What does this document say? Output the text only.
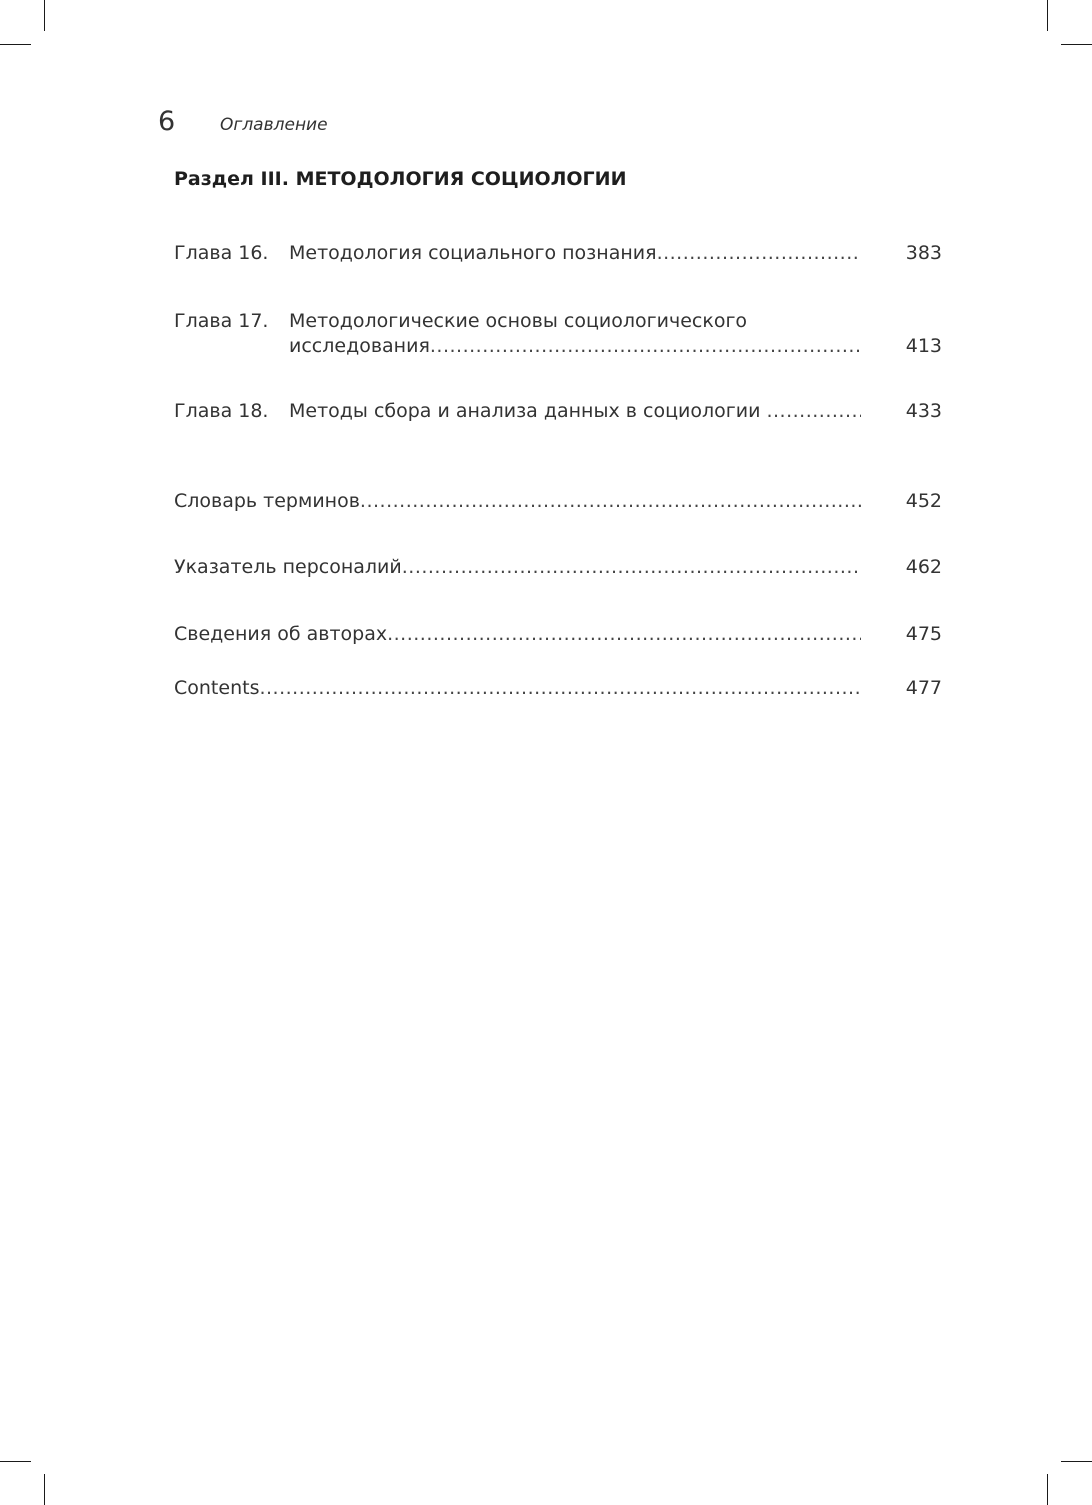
6	Оглавление
Раздел III. МЕТОДОЛОГИЯ СОЦИОЛОГИИ
Глава 16. Методология социального познания .....	383
Глава 17. Методологические основы социологического
исследования .....	413
Глава 18. Методы сбора и анализа данных в социологии .....	433
Словарь терминов .....	452
Указатель персоналий .....	462
Сведения об авторах .....	475
Contents .....	477
